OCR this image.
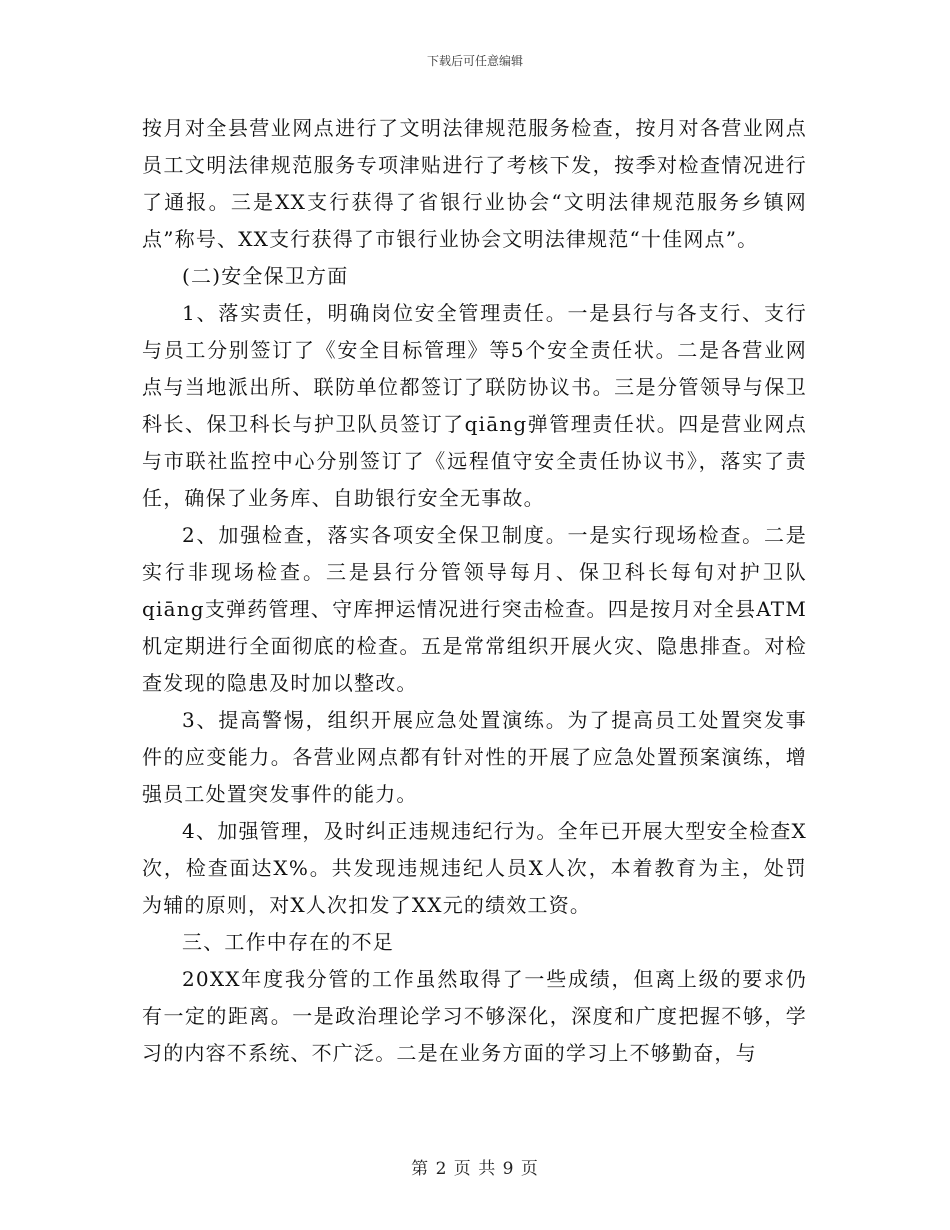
下载后可任意编辑

按月对全县营业网点进行了文明法律规范服务检查，按月对各营业网点员工文明法律规范服务专项津贴进行了考核下发，按季对检查情况进行了通报。三是XX支行获得了省银行业协会“文明法律规范服务乡镇网点”称号、XX支行获得了市银行业协会文明法律规范“十佳网点”。

(二)安全保卫方面

1、落实责任，明确岗位安全管理责任。一是县行与各支行、支行与员工分别签订了《安全目标管理》等5个安全责任状。二是各营业网点与当地派出所、联防单位都签订了联防协议书。三是分管领导与保卫科长、保卫科长与护卫队员签订了qiāng弹管理责任状。四是营业网点与市联社监控中心分别签订了《远程值守安全责任协议书》，落实了责任，确保了业务库、自助银行安全无事故。

2、加强检查，落实各项安全保卫制度。一是实行现场检查。二是实行非现场检查。三是县行分管领导每月、保卫科长每旬对护卫队qiāng支弹药管理、守库押运情况进行突击检查。四是按月对全县ATM机定期进行全面彻底的检查。五是常常组织开展火灾、隐患排查。对检查发现的隐患及时加以整改。

3、提高警惕，组织开展应急处置演练。为了提高员工处置突发事件的应变能力。各营业网点都有针对性的开展了应急处置预案演练，增强员工处置突发事件的能力。

4、加强管理，及时纠正违规违纪行为。全年已开展大型安全检查X次，检查面达X%。共发现违规违纪人员X人次，本着教育为主，处罚为辅的原则，对X人次扣发了XX元的绩效工资。

三、工作中存在的不足

20XX年度我分管的工作虽然取得了一些成绩，但离上级的要求仍有一定的距离。一是政治理论学习不够深化，深度和广度把握不够，学习的内容不系统、不广泛。二是在业务方面的学习上不够勤奋，与

第 2 页 共 9 页
